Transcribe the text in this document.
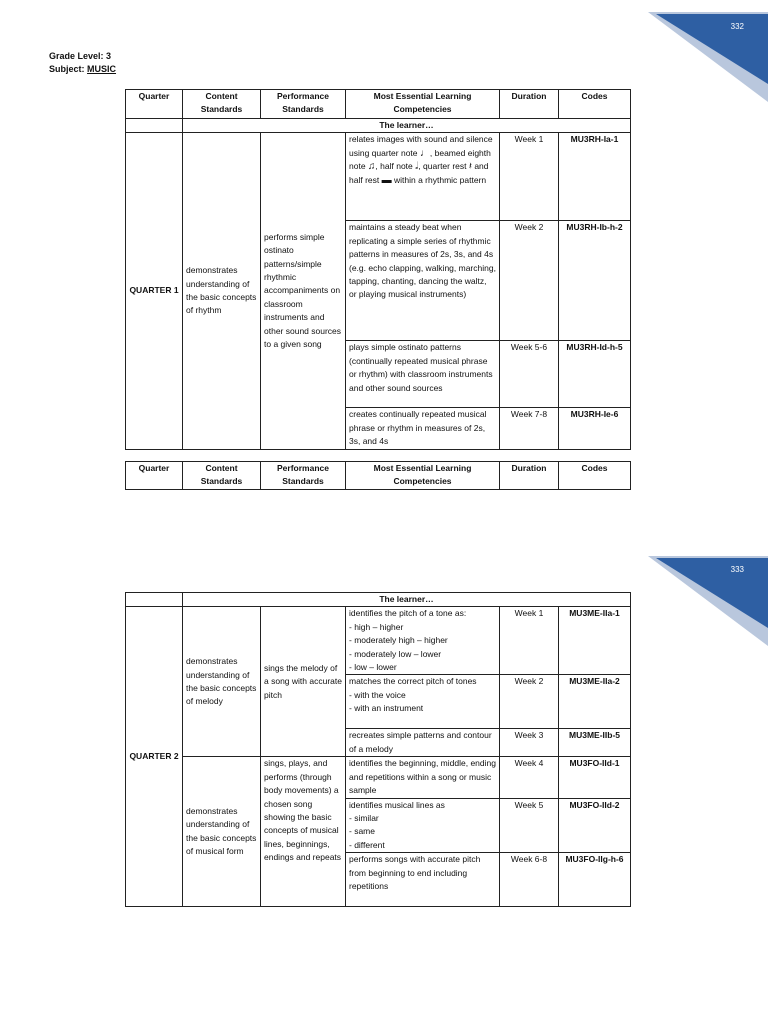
332
Grade Level: 3
Subject: MUSIC
Quarter	Content Standards	Performance Standards	Most Essential Learning Competencies	Duration	Codes
	The learner…				
QUARTER 1	demonstrates understanding of the basic concepts of rhythm	performs simple ostinato patterns/simple rhythmic accompaniments on classroom instruments and other sound sources to a given song	relates images with sound and silence using quarter note ♩, beamed eighth note ♫, half note 𝅗𝅥, quarter rest 𝄽 and half rest ▬ within a rhythmic pattern	Week 1	MU3RH-Ia-1
			maintains a steady beat when replicating a simple series of rhythmic patterns in measures of 2s, 3s, and 4s (e.g. echo clapping, walking, marching, tapping, chanting, dancing the waltz, or playing musical instruments)	Week 2	MU3RH-Ib-h-2
			plays simple ostinato patterns (continually repeated musical phrase or rhythm) with classroom instruments and other sound sources	Week 5-6	MU3RH-Id-h-5
			creates continually repeated musical phrase or rhythm in measures of 2s, 3s, and 4s	Week 7-8	MU3RH-Ie-6
Quarter	Content Standards	Performance Standards	Most Essential Learning Competencies	Duration	Codes
333
	The learner…				
QUARTER 2	demonstrates understanding of the basic concepts of melody	sings the melody of a song with accurate pitch	identifies the pitch of a tone as:
- high – higher
- moderately high – higher
- moderately low – lower
- low – lower	Week 1	MU3ME-IIa-1

			matches the correct pitch of tones
- with the voice
- with an instrument	Week 2	MU3ME-IIa-2
			recreates simple patterns and contour of a melody	Week 3	MU3ME-IIb-5
	demonstrates understanding of the basic concepts of musical form	sings, plays, and performs (through body movements) a chosen song showing the basic concepts of musical lines, beginnings, endings and repeats	identifies the beginning, middle, ending and repetitions within a song or music sample	Week 4	MU3FO-IId-1

			identifies musical lines as
- similar
- same
- different	Week 5	MU3FO-IId-2
			performs songs with accurate pitch from beginning to end including repetitions	Week 6-8	MU3FO-IIg-h-6
